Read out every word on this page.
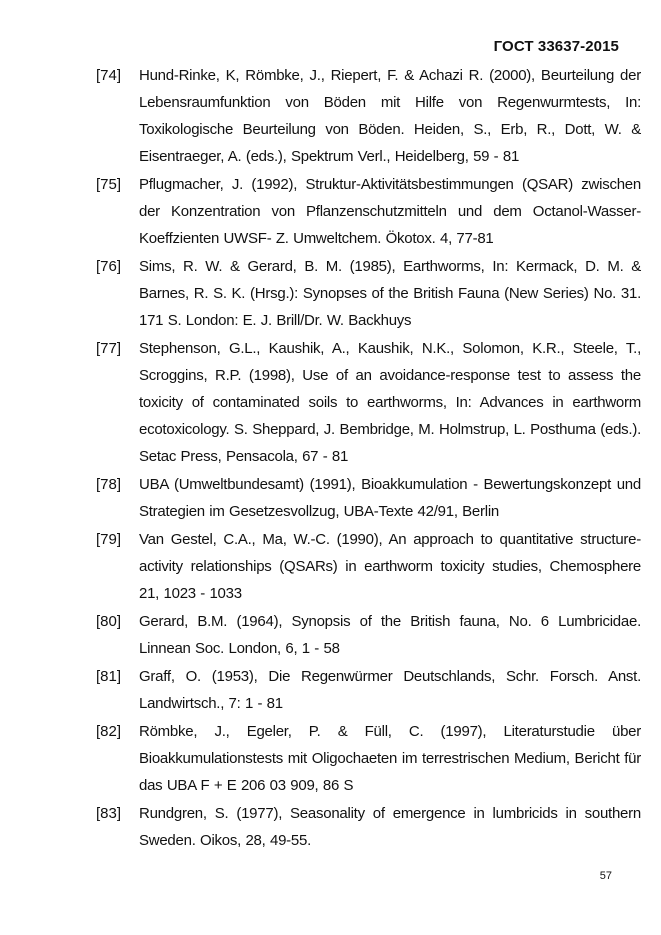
ГОСТ 33637-2015
[74]	Hund-Rinke, K, Römbke, J., Riepert, F. & Achazi R. (2000), Beurteilung der Lebensraumfunktion von Böden mit Hilfe von Regenwurmtests, In: Toxikologische Beurteilung von Böden. Heiden, S., Erb, R., Dott, W. & Eisentraeger, A. (eds.), Spektrum Verl., Heidelberg, 59 - 81
[75]	Pflugmacher, J. (1992), Struktur-Aktivitätsbestimmungen (QSAR) zwischen der Konzentration von Pflanzenschutzmitteln und dem Octanol-Wasser-Koeffzienten UWSF- Z. Umweltchem. Ökotox. 4, 77-81
[76]	Sims, R. W. & Gerard, B. M. (1985), Earthworms, In: Kermack, D. M. & Barnes, R. S. K. (Hrsg.): Synopses of the British Fauna (New Series) No. 31. 171 S. London: E. J. Brill/Dr. W. Backhuys
[77]	Stephenson, G.L., Kaushik, A., Kaushik, N.K., Solomon, K.R., Steele, T., Scroggins, R.P. (1998), Use of an avoidance-response test to assess the toxicity of contaminated soils to earthworms, In: Advances in earthworm ecotoxicology. S. Sheppard, J. Bembridge, M. Holmstrup, L. Posthuma (eds.). Setac Press, Pensacola, 67 - 81
[78]	UBA (Umweltbundesamt) (1991), Bioakkumulation - Bewertungskonzept und Strategien im Gesetzesvollzug, UBA-Texte 42/91, Berlin
[79]	Van Gestel, C.A., Ma, W.-C. (1990), An approach to quantitative structure-activity relationships (QSARs) in earthworm toxicity studies, Chemosphere 21, 1023 - 1033
[80]	Gerard, B.M. (1964), Synopsis of the British fauna, No. 6 Lumbricidae. Linnean Soc. London, 6, 1 - 58
[81]	Graff, O. (1953), Die Regenwürmer Deutschlands, Schr. Forsch. Anst. Landwirtsch., 7: 1 - 81
[82]	Römbke, J., Egeler, P. & Füll, C. (1997), Literaturstudie über Bioakkumulationstests mit Oligochaeten im terrestrischen Medium, Bericht für das UBA F + E 206 03 909, 86 S
[83]	Rundgren, S. (1977), Seasonality of emergence in lumbricids in southern Sweden. Oikos, 28, 49-55.
57
